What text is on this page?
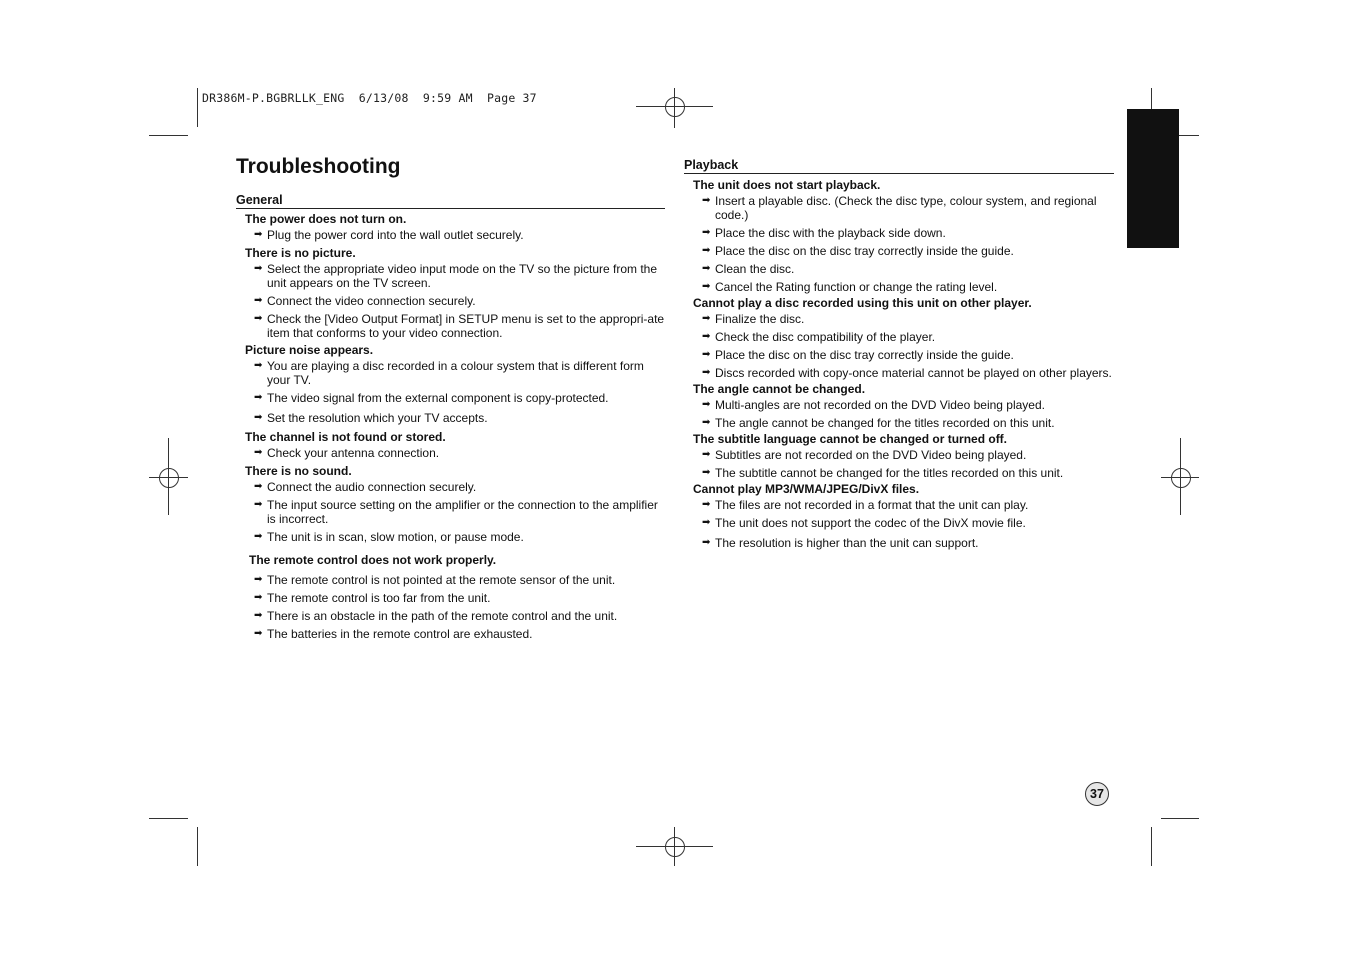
DR386M-P.BGBRLLK_ENG  6/13/08  9:59 AM  Page 37
Troubleshooting
General
Playback
The power does not turn on.
➡ Plug the power cord into the wall outlet securely.
There is no picture.
➡ Select the appropriate video input mode on the TV so the picture from the unit appears on the TV screen.
➡ Connect the video connection securely.
➡ Check the [Video Output Format] in SETUP menu is set to the appropri-ate item that conforms to your video connection.
Picture noise appears.
➡ You are playing a disc recorded in a colour system that is different form your TV.
➡ The video signal from the external component is copy-protected.
➡ Set the resolution which your TV accepts.
The channel is not found or stored.
➡ Check your antenna connection.
There is no sound.
➡ Connect the audio connection securely.
➡ The input source setting on the amplifier or the connection to the amplifier is incorrect.
➡ The unit is in scan, slow motion, or pause mode.
The remote control does not work properly.
➡ The remote control is not pointed at the remote sensor of the unit.
➡ The remote control is too far from the unit.
➡ There is an obstacle in the path of the remote control and the unit.
➡ The batteries in the remote control are exhausted.
The unit does not start playback.
➡ Insert a playable disc. (Check the disc type, colour system, and regional code.)
➡ Place the disc with the playback side down.
➡ Place the disc on the disc tray correctly inside the guide.
➡ Clean the disc.
➡ Cancel the Rating function or change the rating level.
Cannot play a disc recorded using this unit on other player.
➡ Finalize the disc.
➡ Check the disc compatibility of the player.
➡ Place the disc on the disc tray correctly inside the guide.
➡ Discs recorded with copy-once material cannot be played on other players.
The angle cannot be changed.
➡ Multi-angles are not recorded on the DVD Video being played.
➡ The angle cannot be changed for the titles recorded on this unit.
The subtitle language cannot be changed or turned off.
➡ Subtitles are not recorded on the DVD Video being played.
➡ The subtitle cannot be changed for the titles recorded on this unit.
Cannot play MP3/WMA/JPEG/DivX files.
➡ The files are not recorded in a format that the unit can play.
➡ The unit does not support the codec of the DivX movie file.
➡ The resolution is higher than the unit can support.
37
